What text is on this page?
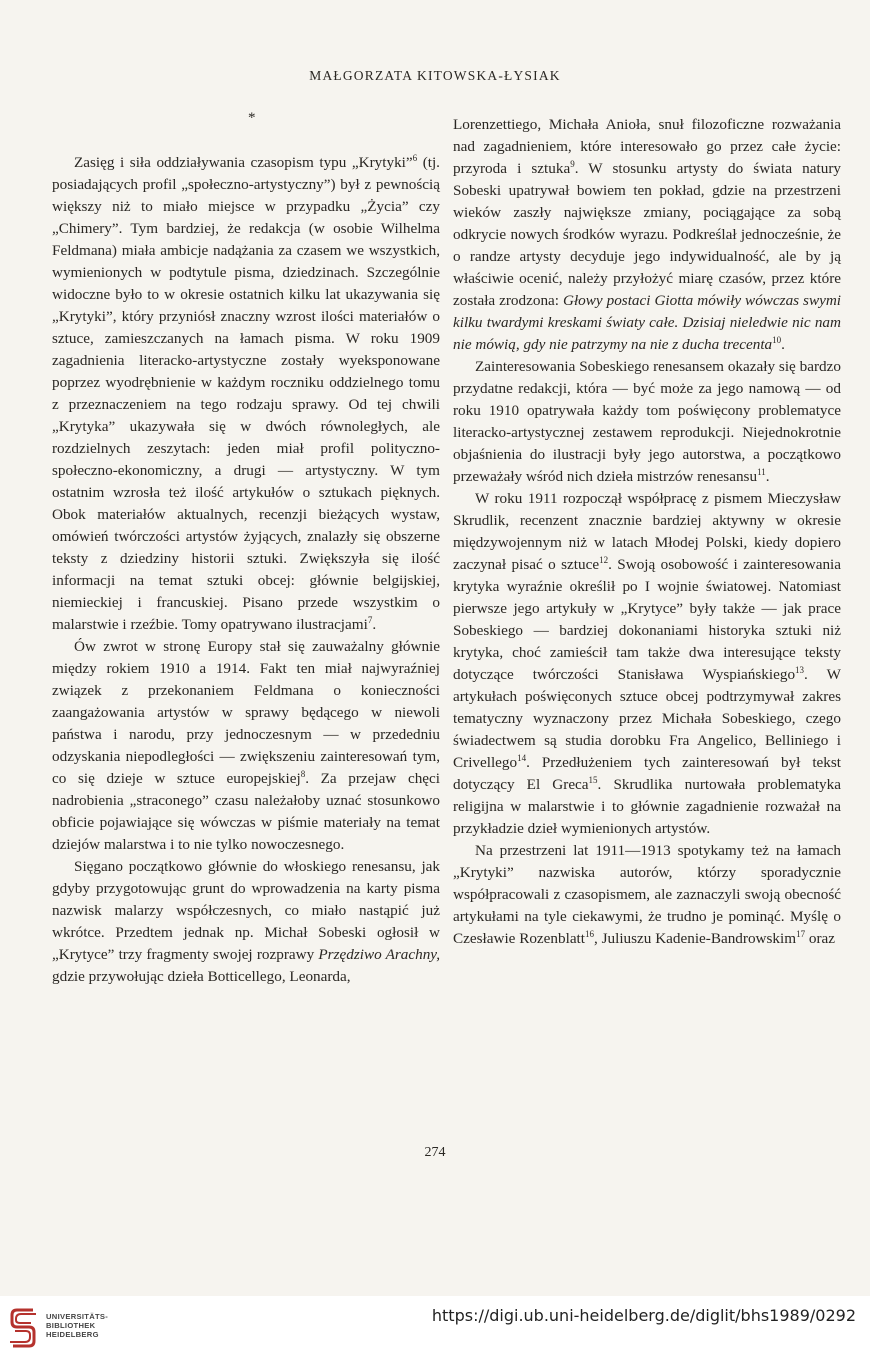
MAŁGORZATA KITOWSKA-ŁYSIAK
*

Zasięg i siła oddziaływania czasopism typu „Krytyki”$^6$ (tj. posiadających profil „społeczno-artystyczny”) był z pewnością większy niż to miało miejsce w przypadku „Życia” czy „Chimery”. Tym bardziej, że redakcja (w osobie Wilhelma Feldmana) miała ambicje nadążania za czasem we wszystkich, wymienionych w podtytule pisma, dziedzinach. Szczególnie widoczne było to w okresie ostatnich kilku lat ukazywania się „Krytyki”, który przyniósł znaczny wzrost ilości materiałów o sztuce, zamieszczanych na łamach pisma. W roku 1909 zagadnienia literacko-artystyczne zostały wyeksponowane poprzez wyodrębnienie w każdym roczniku oddzielnego tomu z przeznaczeniem na tego rodzaju sprawy. Od tej chwili „Krytyka” ukazywała się w dwóch równoległych, ale rozdzielnych zeszytach: jeden miał profil polityczno-społeczno-ekonomiczny, a drugi — artystyczny. W tym ostatnim wzrosła też ilość artykułów o sztukach pięknych. Obok materiałów aktualnych, recenzji bieżących wystaw, omówień twórczości artystów żyjących, znalazły się obszerne teksty z dziedziny historii sztuki. Zwiększyła się ilość informacji na temat sztuki obcej: głównie belgijskiej, niemieckiej i francuskiej. Pisano przede wszystkim o malarstwie i rzeźbie. Tomy opatrywano ilustracjami$^7$.

Ów zwrot w stronę Europy stał się zauważalny głównie między rokiem 1910 a 1914. Fakt ten miał najwyraźniej związek z przekonaniem Feldmana o konieczności zaangażowania artystów w sprawy będącego w niewoli państwa i narodu, przy jednoczesnym — w przededniu odzyskania niepodległości — zwiększeniu zainteresowań tym, co się dzieje w sztuce europejskiej$^8$. Za przejaw chęci nadrobienia „straconego” czasu należałoby uznać stosunkowo obficie pojawiające się wówczas w piśmie materiały na temat dziejów malarstwa i to nie tylko nowoczesnego.

Sięgano początkowo głównie do włoskiego renesansu, jak gdyby przygotowując grunt do wprowadzenia na karty pisma nazwisk malarzy współczesnych, co miało nastąpić już wkrótce. Przedtem jednak np. Michał Sobeski ogłosił w „Krytyce” trzy fragmenty swojej rozprawy Przędziwo Arachny, gdzie przywołując dzieła Botticellego, Leonarda,

Lorenzettiego, Michała Anioła, snuł filozoficzne rozważania nad zagadnieniem, które interesowało go przez całe życie: przyroda i sztuka$^9$. W stosunku artysty do świata natury Sobeski upatrywał bowiem ten pokład, gdzie na przestrzeni wieków zaszły największe zmiany, pociągające za sobą odkrycie nowych środków wyrazu. Podkreślał jednocześnie, że o randze artysty decyduje jego indywidualność, ale by ją właściwie ocenić, należy przyłożyć miarę czasów, przez które została zrodzona: Głowy postaci Giotta mówiły wówczas swymi kilku twardymi kreskami światy całe. Dzisiaj nieledwie nic nam nie mówią, gdy nie patrzymy na nie z ducha trecenta$^{10}$.

Zainteresowania Sobeskiego renesansem okazały się bardzo przydatne redakcji, która — być może za jego namową — od roku 1910 opatrywała każdy tom poświęcony problematyce literacko-artystycznej zestawem reprodukcji. Niejednokrotnie objaśnienia do ilustracji były jego autorstwa, a początkowo przeważały wśród nich dzieła mistrzów renesansu$^{11}$.

W roku 1911 rozpoczął współpracę z pismem Mieczysław Skrudlik, recenzent znacznie bardziej aktywny w okresie międzywojennym niż w latach Młodej Polski, kiedy dopiero zaczynał pisać o sztuce$^{12}$. Swoją osobowość i zainteresowania krytyka wyraźnie określił po I wojnie światowej. Natomiast pierwsze jego artykuły w „Krytyce” były także — jak prace Sobeskiego — bardziej dokonaniami historyka sztuki niż krytyka, choć zamieścił tam także dwa interesujące teksty dotyczące twórczości Stanisława Wyspiańskiego$^{13}$. W artykułach poświęconych sztuce obcej podtrzymywał zakres tematyczny wyznaczony przez Michała Sobeskiego, czego świadectwem są studia dorobku Fra Angelico, Belliniego i Crivellego$^{14}$. Przedłużeniem tych zainteresowań był tekst dotyczący El Greca$^{15}$. Skrudlika nurtowała problematyka religijna w malarstwie i to głównie zagadnienie rozważał na przykładzie dzieł wymienionych artystów.

Na przestrzeni lat 1911—1913 spotykamy też na łamach „Krytyki” nazwiska autorów, którzy sporadycznie współpracowali z czasopismem, ale zaznaczyli swoją obecność artykułami na tyle ciekawymi, że trudno je pominąć. Myślę o Czesławie Rozenblatt$^{16}$, Juliuszu Kadenie-Bandrowskim$^{17}$ oraz

274
UNIVERSITÄTS-
BIBLIOTHEK
HEIDELBERG
https://digi.ub.uni-heidelberg.de/diglit/bhs1989/0292
